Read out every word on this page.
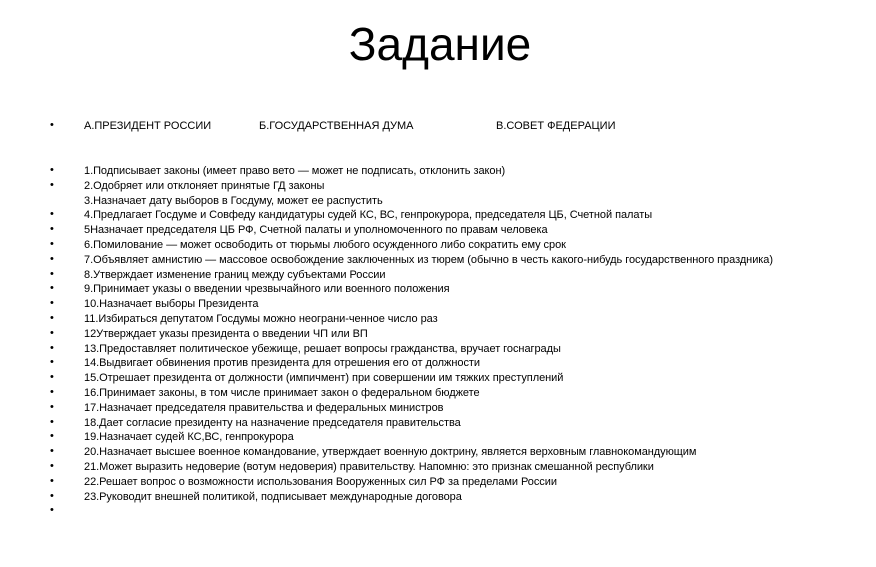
Задание
•	А.ПРЕЗИДЕНТ РОССИИ	Б.ГОСУДАРСТВЕННАЯ ДУМА	В.СОВЕТ ФЕДЕРАЦИИ
•	1.Подписывает законы (имеет право вето — может не подписать, отклонить закон)
•	2.Одобряет или отклоняет принятые ГД законы
3.Назначает дату выборов в Госдуму, может ее распустить
•	4.Предлагает Госдуме и Совфеду кандидатуры судей КС, ВС, генпрокурора, председателя ЦБ, Счетной палаты
•	5Назначает председателя ЦБ РФ, Счетной палаты и уполномоченного по правам человека
•	6.Помилование — может освободить от тюрьмы любого осужденного либо сократить ему срок
•	7.Объявляет амнистию — массовое освобождение заключенных из тюрем (обычно в честь какого-нибудь государственного праздника)
•	8.Утверждает изменение границ между субъектами России
•	9.Принимает указы о введении чрезвычайного или военного положения
•	10.Назначает выборы Президента
•	11.Избираться депутатом Госдумы можно неограни-ченное число раз
•	12Утверждает указы президента о введении ЧП или ВП
•	13.Предоставляет политическое убежище, решает вопросы гражданства, вручает госнаграды
•	14.Выдвигает обвинения против президента для отрешения его от должности
•	15.Отрешает президента от должности (импичмент) при совершении им тяжких преступлений
•	16.Принимает законы, в том числе принимает закон о федеральном бюджете
•	17.Назначает председателя правительства и федеральных министров
•	18.Дает согласие президенту на назначение председателя правительства
•	19.Назначает судей КС,ВС, генпрокурора
•	20.Назначает высшее военное командование, утверждает военную доктрину, является верховным главнокомандующим
•	21.Может выразить недоверие (вотум недоверия) правительству. Напомню: это признак смешанной республики
•	22.Решает вопрос о возможности использования Вооруженных сил РФ за пределами России
•	23.Руководит внешней политикой, подписывает международные договора
•
